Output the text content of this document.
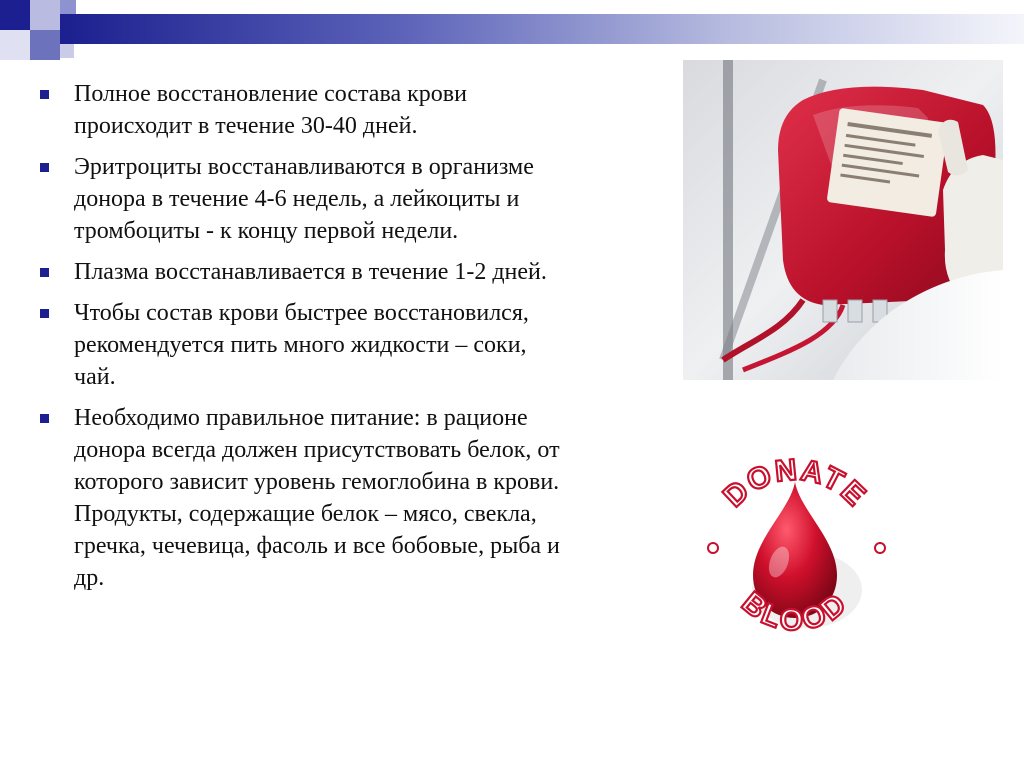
Полное восстановление состава крови происходит в течение 30-40 дней.
Эритроциты восстанавливаются в организме донора в течение 4-6 недель, а лейкоциты и тромбоциты - к концу первой недели.
Плазма восстанавливается в течение 1-2 дней.
Чтобы состав крови быстрее восстановился, рекомендуется пить много жидкости – соки, чай.
Необходимо правильное питание: в рационе донора всегда должен присутствовать белок, от которого зависит уровень гемоглобина в крови. Продукты, содержащие белок – мясо, свекла, гречка, чечевица, фасоль и все бобовые, рыба и др.
DONATE
BLOOD
